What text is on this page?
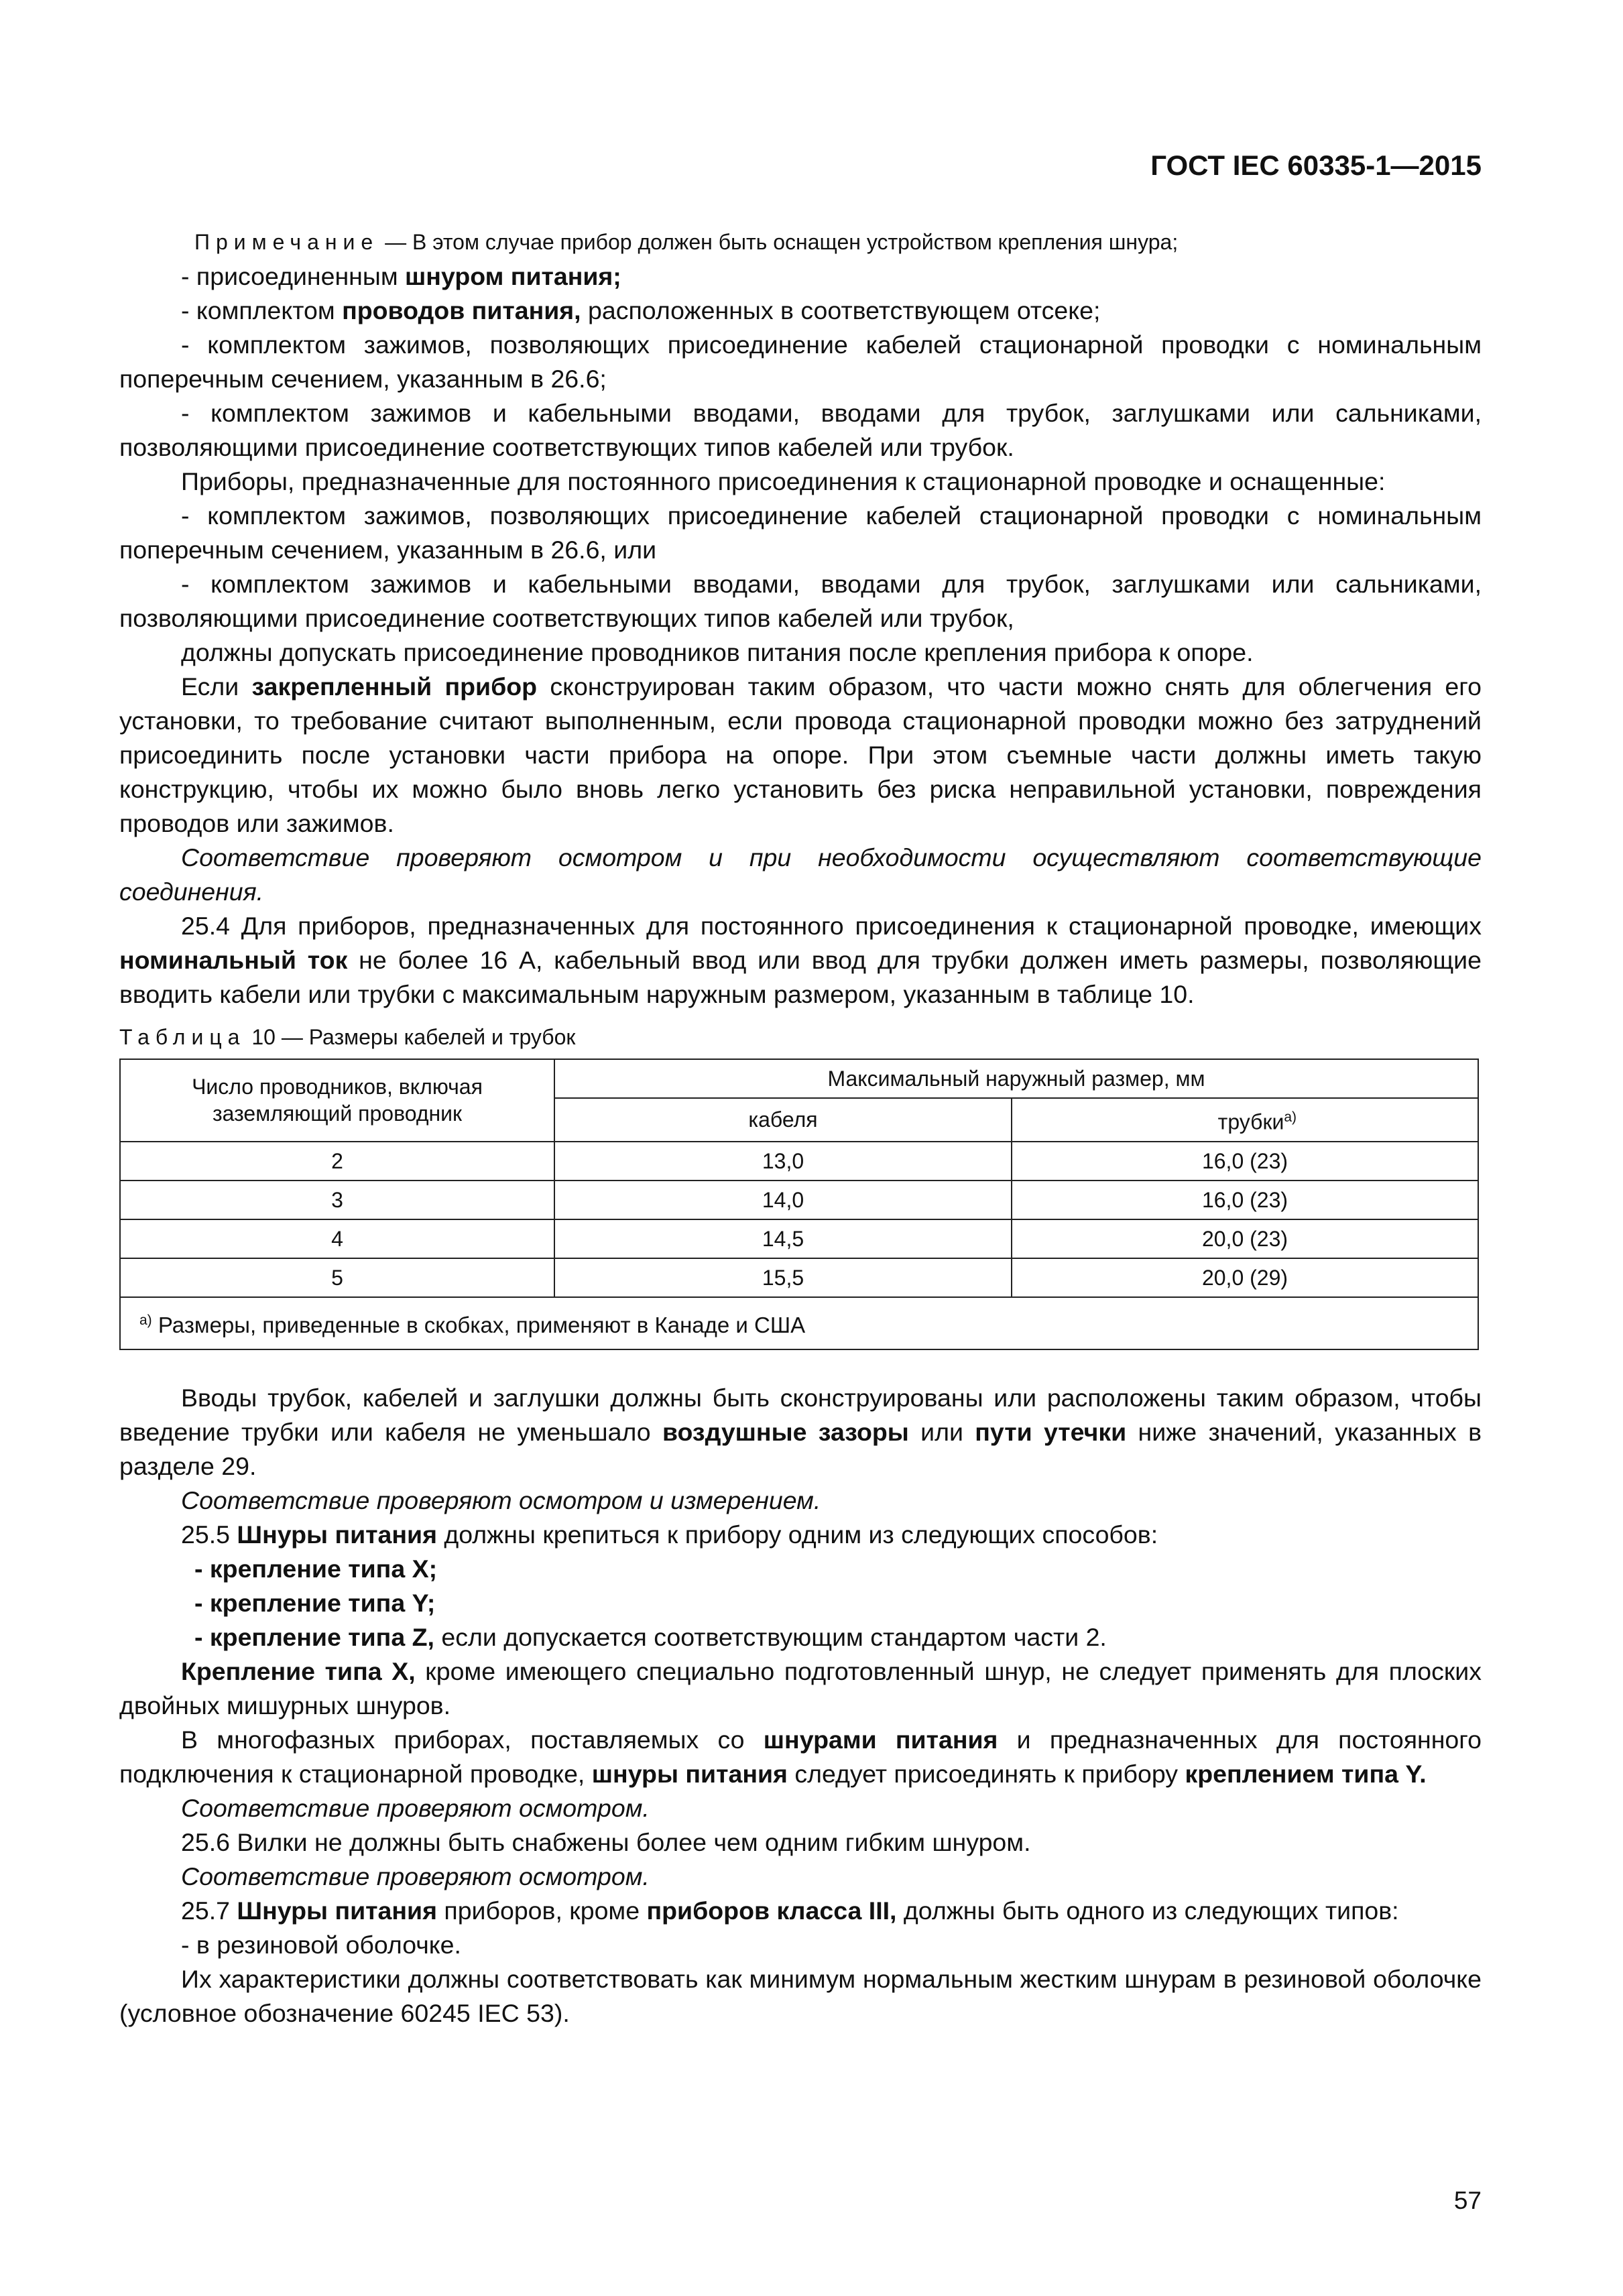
ГОСТ IEC 60335-1—2015

Примечание — В этом случае прибор должен быть оснащен устройством крепления шнура;

- присоединенным шнуром питания;

- комплектом проводов питания, расположенных в соответствующем отсеке;

- комплектом зажимов, позволяющих присоединение кабелей стационарной проводки с номинальным поперечным сечением, указанным в 26.6;

- комплектом зажимов и кабельными вводами, вводами для трубок, заглушками или сальниками, позволяющими присоединение соответствующих типов кабелей или трубок.

Приборы, предназначенные для постоянного присоединения к стационарной проводке и оснащенные:

- комплектом зажимов, позволяющих присоединение кабелей стационарной проводки с номинальным поперечным сечением, указанным в 26.6, или

- комплектом зажимов и кабельными вводами, вводами для трубок, заглушками или сальниками, позволяющими присоединение соответствующих типов кабелей или трубок,

должны допускать присоединение проводников питания после крепления прибора к опоре.

Если закрепленный прибор сконструирован таким образом, что части можно снять для облегчения его установки, то требование считают выполненным, если провода стационарной проводки можно без затруднений присоединить после установки части прибора на опоре. При этом съемные части должны иметь такую конструкцию, чтобы их можно было вновь легко установить без риска неправильной установки, повреждения проводов или зажимов.

Соответствие проверяют осмотром и при необходимости осуществляют соответствующие соединения.

25.4 Для приборов, предназначенных для постоянного присоединения к стационарной проводке, имеющих номинальный ток не более 16 А, кабельный ввод или ввод для трубки должен иметь размеры, позволяющие вводить кабели или трубки с максимальным наружным размером, указанным в таблице 10.

Таблица 10 — Размеры кабелей и трубок

Число проводников, включая заземляющий проводник	Максимальный наружный размер, мм	
	кабеля	трубки$^{a)}$
2	13,0	16,0 (23)
3	14,0	16,0 (23)
4	14,5	20,0 (23)
5	15,5	20,0 (29)
$^{a)}$ Размеры, приведенные в скобках, применяют в Канаде и США		

Вводы трубок, кабелей и заглушки должны быть сконструированы или расположены таким образом, чтобы введение трубки или кабеля не уменьшало воздушные зазоры или пути утечки ниже значений, указанных в разделе 29.

Соответствие проверяют осмотром и измерением.

25.5 Шнуры питания должны крепиться к прибору одним из следующих способов:

- крепление типа X;

- крепление типа Y;

- крепление типа Z, если допускается соответствующим стандартом части 2.

Крепление типа X, кроме имеющего специально подготовленный шнур, не следует применять для плоских двойных мишурных шнуров.

В многофазных приборах, поставляемых со шнурами питания и предназначенных для постоянного подключения к стационарной проводке, шнуры питания следует присоединять к прибору креплением типа Y.

Соответствие проверяют осмотром.

25.6 Вилки не должны быть снабжены более чем одним гибким шнуром.

Соответствие проверяют осмотром.

25.7 Шнуры питания приборов, кроме приборов класса III, должны быть одного из следующих типов:

- в резиновой оболочке.

Их характеристики должны соответствовать как минимум нормальным жестким шнурам в резиновой оболочке (условное обозначение 60245 IEC 53).

57
